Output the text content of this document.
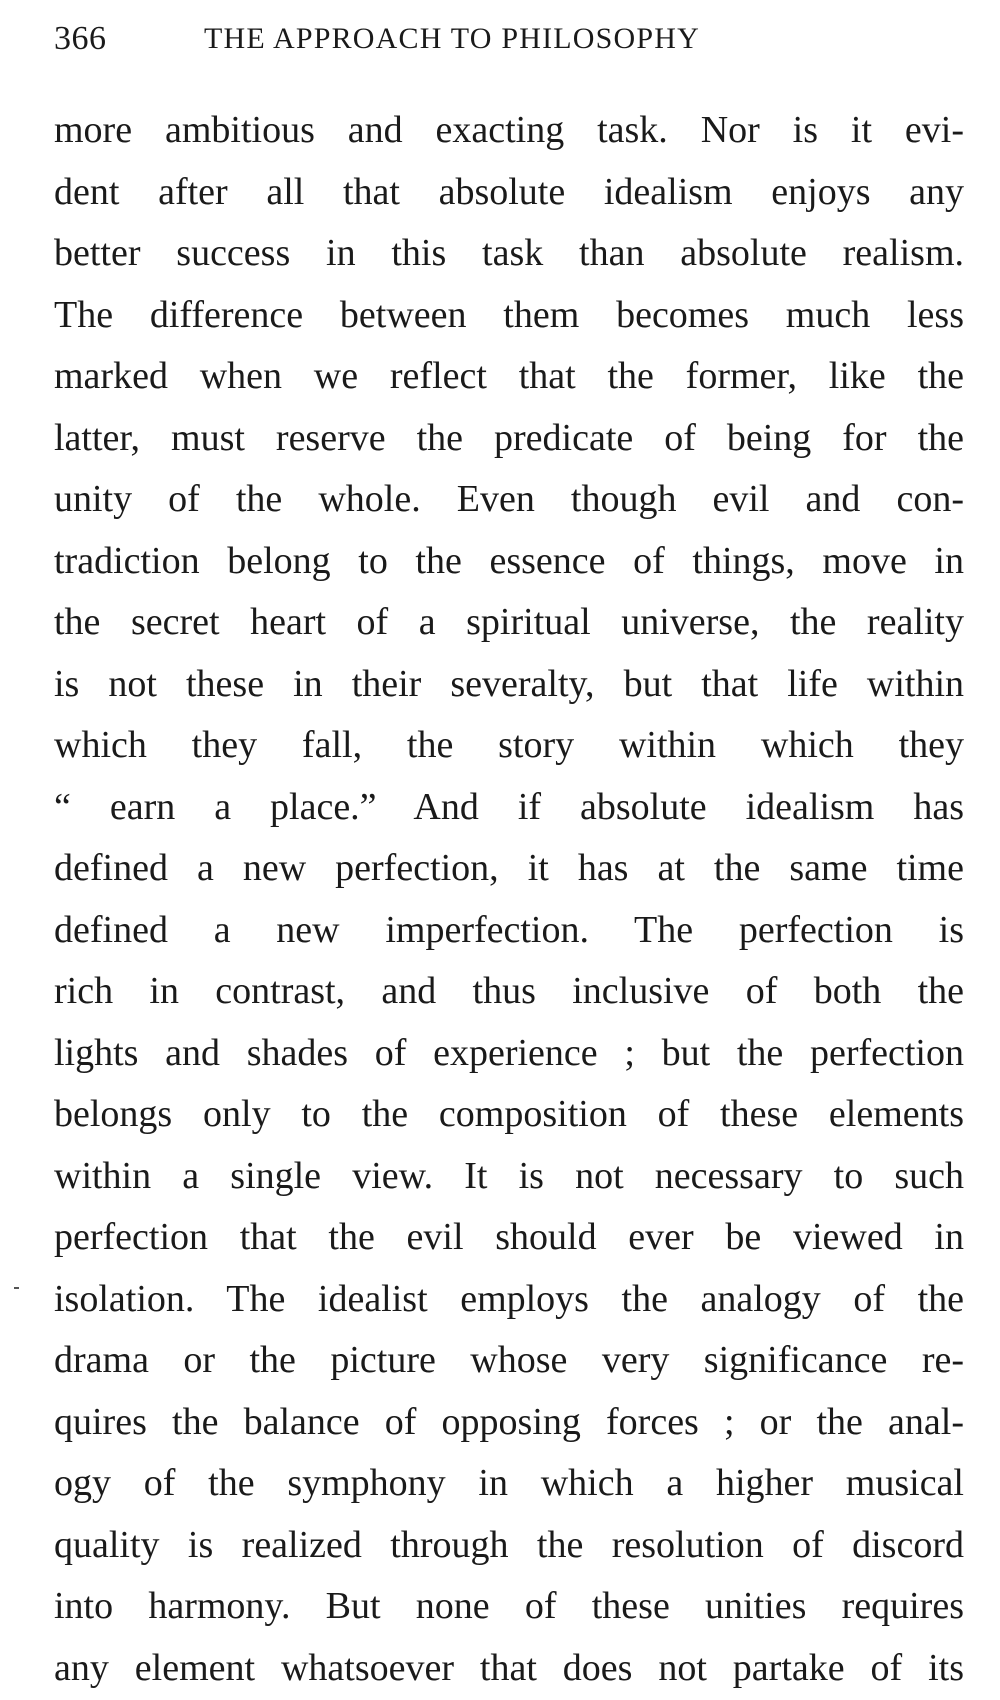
366	THE APPROACH TO PHILOSOPHY
more ambitious and exacting task. Nor is it evi-
dent after all that absolute idealism enjoys any
better success in this task than absolute realism.
The difference between them becomes much less
marked when we reflect that the former, like the
latter, must reserve the predicate of being for the
unity of the whole. Even though evil and con-
tradiction belong to the essence of things, move in
the secret heart of a spiritual universe, the reality
is not these in their severalty, but that life within
which they fall, the story within which they
“ earn a place.” And if absolute idealism has
defined a new perfection, it has at the same time
defined a new imperfection. The perfection is
rich in contrast, and thus inclusive of both the
lights and shades of experience ; but the perfection
belongs only to the composition of these elements
within a single view. It is not necessary to such
perfection that the evil should ever be viewed in
isolation. The idealist employs the analogy of the
drama or the picture whose very significance re-
quires the balance of opposing forces ; or the anal-
ogy of the symphony in which a higher musical
quality is realized through the resolution of discord
into harmony. But none of these unities requires
any element whatsoever that does not partake of its
